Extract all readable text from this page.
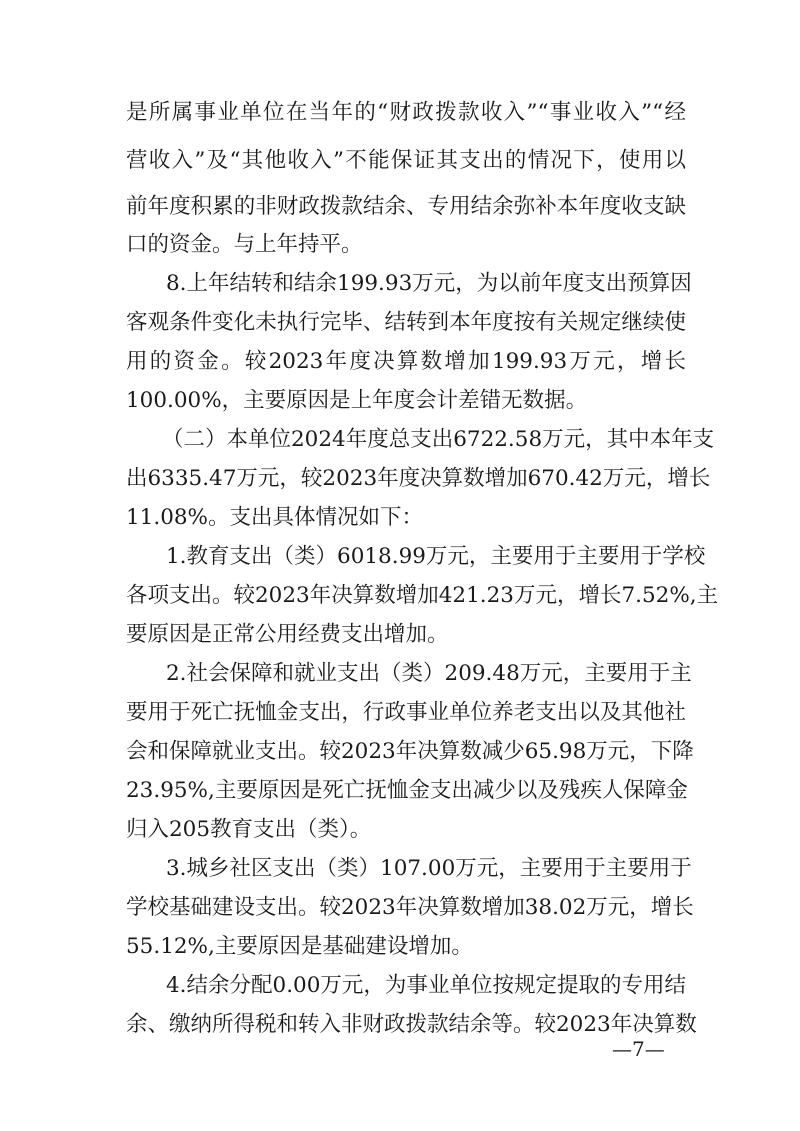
是所属事业单位在当年的“财政拨款收入”“事业收入”“经
营收入”及“其他收入”不能保证其支出的情况下，使用以
前年度积累的非财政拨款结余、专用结余弥补本年度收支缺
口的资金。与上年持平。
8.上年结转和结余199.93万元，为以前年度支出预算因
客观条件变化未执行完毕、结转到本年度按有关规定继续使
用的资金。较2023年度决算数增加199.93万元，增长
100.00%，主要原因是上年度会计差错无数据。
（二）本单位2024年度总支出6722.58万元，其中本年支
出6335.47万元，较2023年度决算数增加670.42万元，增长
11.08%。支出具体情况如下：
1.教育支出（类）6018.99万元，主要用于主要用于学校
各项支出。较2023年决算数增加421.23万元，增长7.52%,主
要原因是正常公用经费支出增加。
2.社会保障和就业支出（类）209.48万元，主要用于主
要用于死亡抚恤金支出，行政事业单位养老支出以及其他社
会和保障就业支出。较2023年决算数减少65.98万元，下降
23.95%,主要原因是死亡抚恤金支出减少以及残疾人保障金
归入205教育支出（类）。
3.城乡社区支出（类）107.00万元，主要用于主要用于
学校基础建设支出。较2023年决算数增加38.02万元，增长
55.12%,主要原因是基础建设增加。
4.结余分配0.00万元，为事业单位按规定提取的专用结
余、缴纳所得税和转入非财政拨款结余等。较2023年决算数
—7—
